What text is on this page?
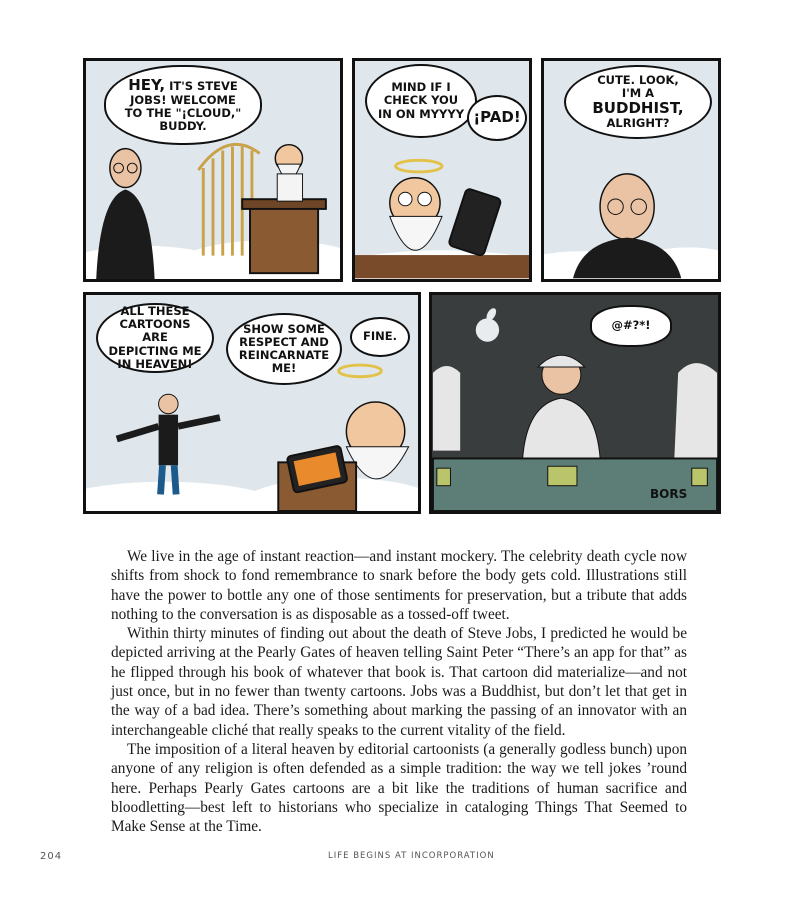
HEY, IT'S STEVE
JOBS! WELCOME
TO THE "¡CLOUD,"
BUDDY.
MIND IF I
CHECK YOU
IN ON MYYYY ¡PAD!
CUTE. LOOK,
I'M A BUDDHIST,
ALRIGHT?
ALL THESE
CARTOONS ARE
DEPICTING ME
IN HEAVEN!
SHOW SOME
RESPECT AND
REINCARNATE
ME!
FINE.
@#?*!
BORS

We live in the age of instant reaction—and instant mockery. The celebrity death cycle now shifts from shock to fond remembrance to snark before the body gets cold. Illustrations still have the power to bottle any one of those sentiments for preservation, but a tribute that adds nothing to the conversation is as disposable as a tossed-off tweet.

Within thirty minutes of finding out about the death of Steve Jobs, I predicted he would be depicted arriving at the Pearly Gates of heaven telling Saint Peter “There’s an app for that” as he flipped through his book of whatever that book is. That cartoon did materialize—and not just once, but in no fewer than twenty cartoons. Jobs was a Buddhist, but don’t let that get in the way of a bad idea. There’s something about marking the passing of an innovator with an interchangeable cliché that really speaks to the current vitality of the field.

The imposition of a literal heaven by editorial cartoonists (a generally godless bunch) upon anyone of any religion is often defended as a simple tradition: the way we tell jokes ’round here. Perhaps Pearly Gates cartoons are a bit like the traditions of human sacrifice and bloodletting—best left to historians who specialize in cataloging Things That Seemed to Make Sense at the Time.

204	LIFE BEGINS AT INCORPORATION
